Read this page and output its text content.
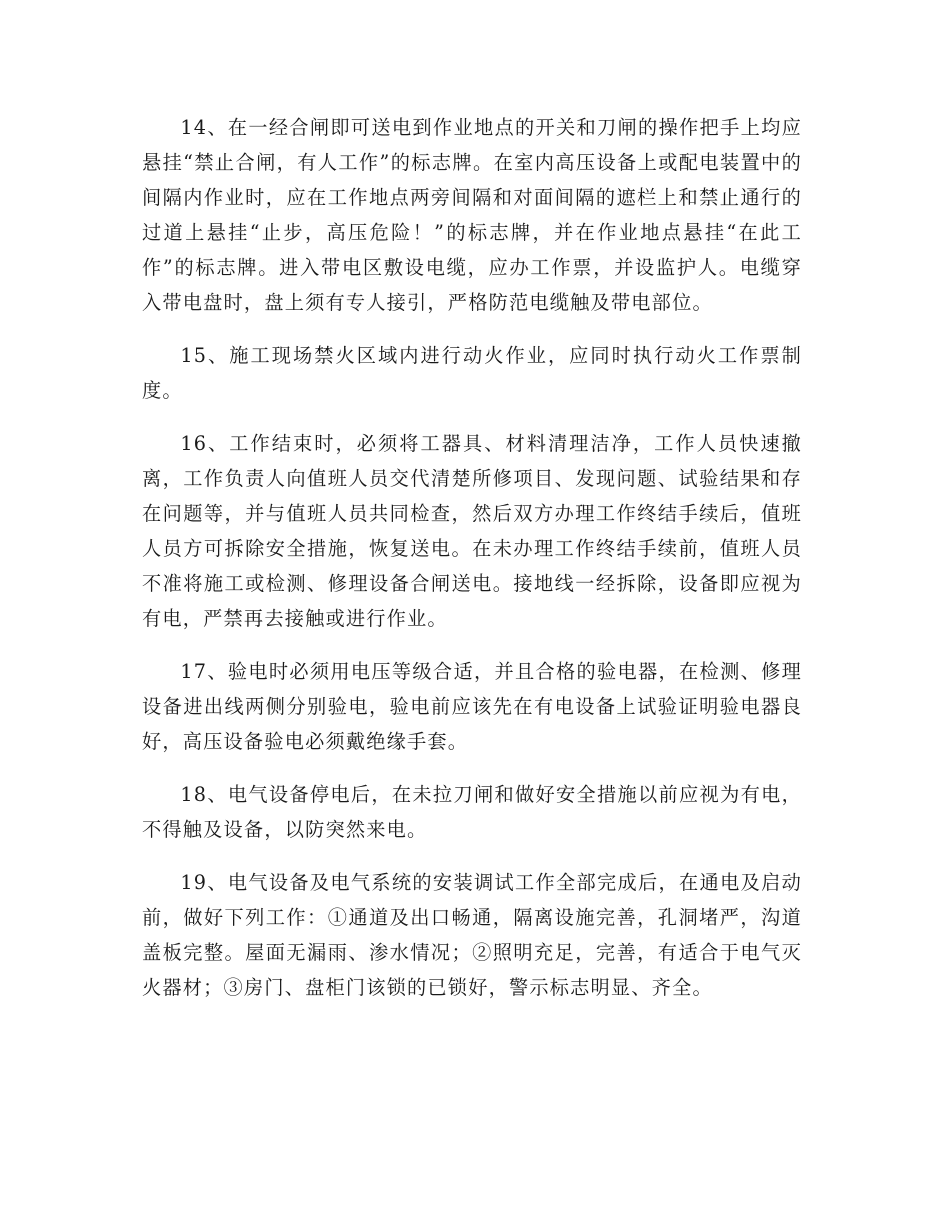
14、在一经合闸即可送电到作业地点的开关和刀闸的操作把手上均应悬挂“禁止合闸，有人工作”的标志牌。在室内高压设备上或配电装置中的间隔内作业时，应在工作地点两旁间隔和对面间隔的遮栏上和禁止通行的过道上悬挂“止步，高压危险！”的标志牌，并在作业地点悬挂“在此工作”的标志牌。进入带电区敷设电缆，应办工作票，并设监护人。电缆穿入带电盘时，盘上须有专人接引，严格防范电缆触及带电部位。

15、施工现场禁火区域内进行动火作业，应同时执行动火工作票制度。

16、工作结束时，必须将工器具、材料清理洁净，工作人员快速撤离，工作负责人向值班人员交代清楚所修项目、发现问题、试验结果和存在问题等，并与值班人员共同检查，然后双方办理工作终结手续后，值班人员方可拆除安全措施，恢复送电。在未办理工作终结手续前，值班人员不准将施工或检测、修理设备合闸送电。接地线一经拆除，设备即应视为有电，严禁再去接触或进行作业。

17、验电时必须用电压等级合适，并且合格的验电器，在检测、修理设备进出线两侧分别验电，验电前应该先在有电设备上试验证明验电器良好，高压设备验电必须戴绝缘手套。

18、电气设备停电后，在未拉刀闸和做好安全措施以前应视为有电，不得触及设备，以防突然来电。

19、电气设备及电气系统的安装调试工作全部完成后，在通电及启动前，做好下列工作：①通道及出口畅通，隔离设施完善，孔洞堵严，沟道盖板完整。屋面无漏雨、渗水情况；②照明充足，完善，有适合于电气灭火器材；③房门、盘柜门该锁的已锁好，警示标志明显、齐全。
